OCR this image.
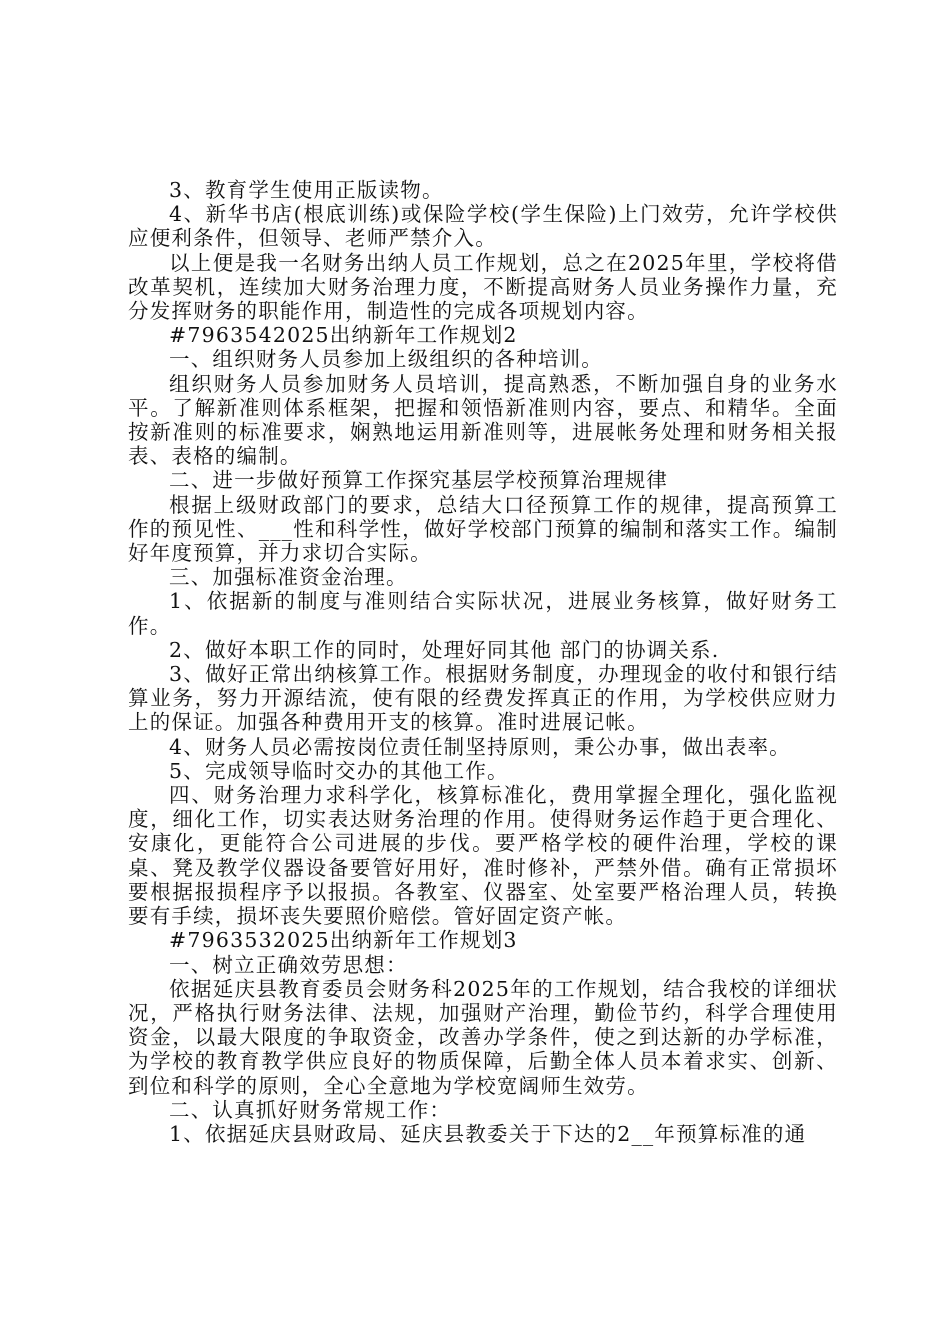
3、教育学生使用正版读物。

4、新华书店(根底训练)或保险学校(学生保险)上门效劳，允许学校供应便利条件，但领导、老师严禁介入。

以上便是我一名财务出纳人员工作规划，总之在2025年里，学校将借改革契机，连续加大财务治理力度，不断提高财务人员业务操作力量，充分发挥财务的职能作用，制造性的完成各项规划内容。

#7963542025出纳新年工作规划2

一、组织财务人员参加上级组织的各种培训。

组织财务人员参加财务人员培训，提高熟悉，不断加强自身的业务水平。了解新准则体系框架，把握和领悟新准则内容，要点、和精华。全面按新准则的标准要求，娴熟地运用新准则等，进展帐务处理和财务相关报表、表格的编制。

二、进一步做好预算工作探究基层学校预算治理规律

根据上级财政部门的要求，总结大口径预算工作的规律，提高预算工作的预见性、___性和科学性，做好学校部门预算的编制和落实工作。编制好年度预算，并力求切合实际。

三、加强标准资金治理。

1、依据新的制度与准则结合实际状况，进展业务核算，做好财务工作。

2、做好本职工作的同时，处理好同其他 部门的协调关系.

3、做好正常出纳核算工作。根据财务制度，办理现金的收付和银行结算业务，努力开源结流，使有限的经费发挥真正的作用，为学校供应财力上的保证。加强各种费用开支的核算。准时进展记帐。

4、财务人员必需按岗位责任制坚持原则，秉公办事，做出表率。

5、完成领导临时交办的其他工作。

四、财务治理力求科学化，核算标准化，费用掌握全理化，强化监视度，细化工作，切实表达财务治理的作用。使得财务运作趋于更合理化、安康化，更能符合公司进展的步伐。要严格学校的硬件治理，学校的课桌、凳及教学仪器设备要管好用好，准时修补，严禁外借。确有正常损坏要根据报损程序予以报损。各教室、仪器室、处室要严格治理人员，转换要有手续，损坏丧失要照价赔偿。管好固定资产帐。

#7963532025出纳新年工作规划3

一、树立正确效劳思想：

依据延庆县教育委员会财务科2025年的工作规划，结合我校的详细状况，严格执行财务法律、法规，加强财产治理，勤俭节约，科学合理使用资金，以最大限度的争取资金，改善办学条件，使之到达新的办学标准，为学校的教育教学供应良好的物质保障，后勤全体人员本着求实、创新、到位和科学的原则，全心全意地为学校宽阔师生效劳。

二、认真抓好财务常规工作：

1、依据延庆县财政局、延庆县教委关于下达的2__年预算标准的通
